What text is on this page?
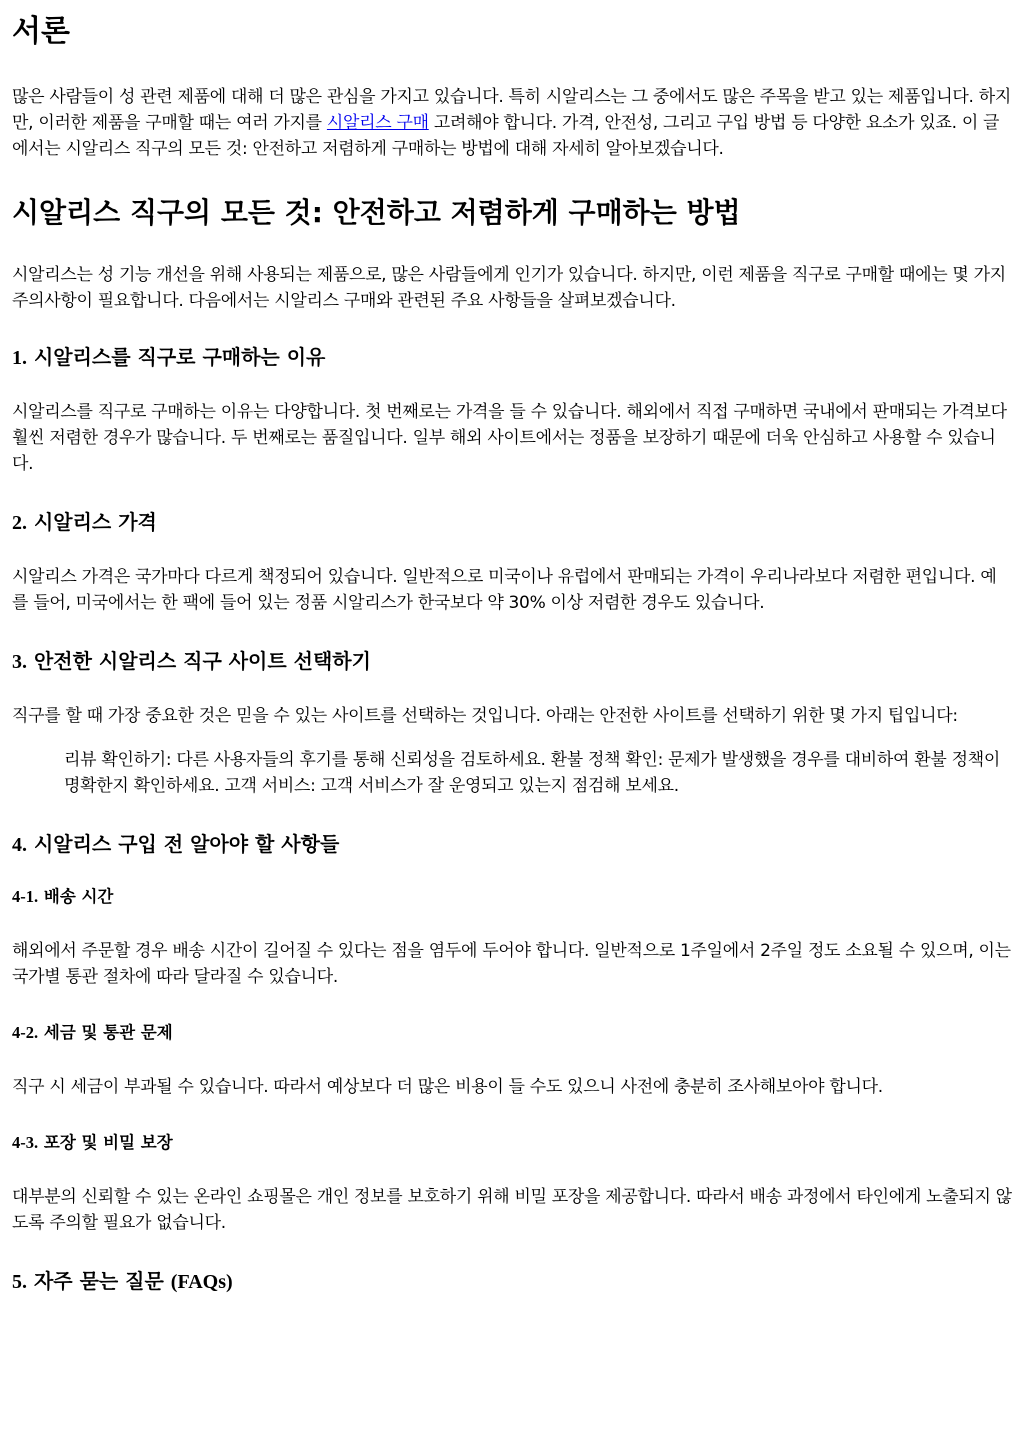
서론

많은 사람들이 성 관련 제품에 대해 더 많은 관심을 가지고 있습니다. 특히 시알리스는 그 중에서도 많은 주목을 받고 있는 제품입니다. 하지만, 이러한 제품을 구매할 때는 여러 가지를 시알리스 구매 고려해야 합니다. 가격, 안전성, 그리고 구입 방법 등 다양한 요소가 있죠. 이 글에서는 시알리스 직구의 모든 것: 안전하고 저렴하게 구매하는 방법에 대해 자세히 알아보겠습니다.

시알리스 직구의 모든 것: 안전하고 저렴하게 구매하는 방법

시알리스는 성 기능 개선을 위해 사용되는 제품으로, 많은 사람들에게 인기가 있습니다. 하지만, 이런 제품을 직구로 구매할 때에는 몇 가지 주의사항이 필요합니다. 다음에서는 시알리스 구매와 관련된 주요 사항들을 살펴보겠습니다.

1. 시알리스를 직구로 구매하는 이유

시알리스를 직구로 구매하는 이유는 다양합니다. 첫 번째로는 가격을 들 수 있습니다. 해외에서 직접 구매하면 국내에서 판매되는 가격보다 훨씬 저렴한 경우가 많습니다. 두 번째로는 품질입니다. 일부 해외 사이트에서는 정품을 보장하기 때문에 더욱 안심하고 사용할 수 있습니다.

2. 시알리스 가격

시알리스 가격은 국가마다 다르게 책정되어 있습니다. 일반적으로 미국이나 유럽에서 판매되는 가격이 우리나라보다 저렴한 편입니다. 예를 들어, 미국에서는 한 팩에 들어 있는 정품 시알리스가 한국보다 약 30% 이상 저렴한 경우도 있습니다.

3. 안전한 시알리스 직구 사이트 선택하기

직구를 할 때 가장 중요한 것은 믿을 수 있는 사이트를 선택하는 것입니다. 아래는 안전한 사이트를 선택하기 위한 몇 가지 팁입니다:

리뷰 확인하기: 다른 사용자들의 후기를 통해 신뢰성을 검토하세요. 환불 정책 확인: 문제가 발생했을 경우를 대비하여 환불 정책이 명확한지 확인하세요. 고객 서비스: 고객 서비스가 잘 운영되고 있는지 점검해 보세요.
4. 시알리스 구입 전 알아야 할 사항들
4-1. 배송 시간

해외에서 주문할 경우 배송 시간이 길어질 수 있다는 점을 염두에 두어야 합니다. 일반적으로 1주일에서 2주일 정도 소요될 수 있으며, 이는 국가별 통관 절차에 따라 달라질 수 있습니다.

4-2. 세금 및 통관 문제

직구 시 세금이 부과될 수 있습니다. 따라서 예상보다 더 많은 비용이 들 수도 있으니 사전에 충분히 조사해보아야 합니다.

4-3. 포장 및 비밀 보장

대부분의 신뢰할 수 있는 온라인 쇼핑몰은 개인 정보를 보호하기 위해 비밀 포장을 제공합니다. 따라서 배송 과정에서 타인에게 노출되지 않도록 주의할 필요가 없습니다.

5. 자주 묻는 질문 (FAQs)
